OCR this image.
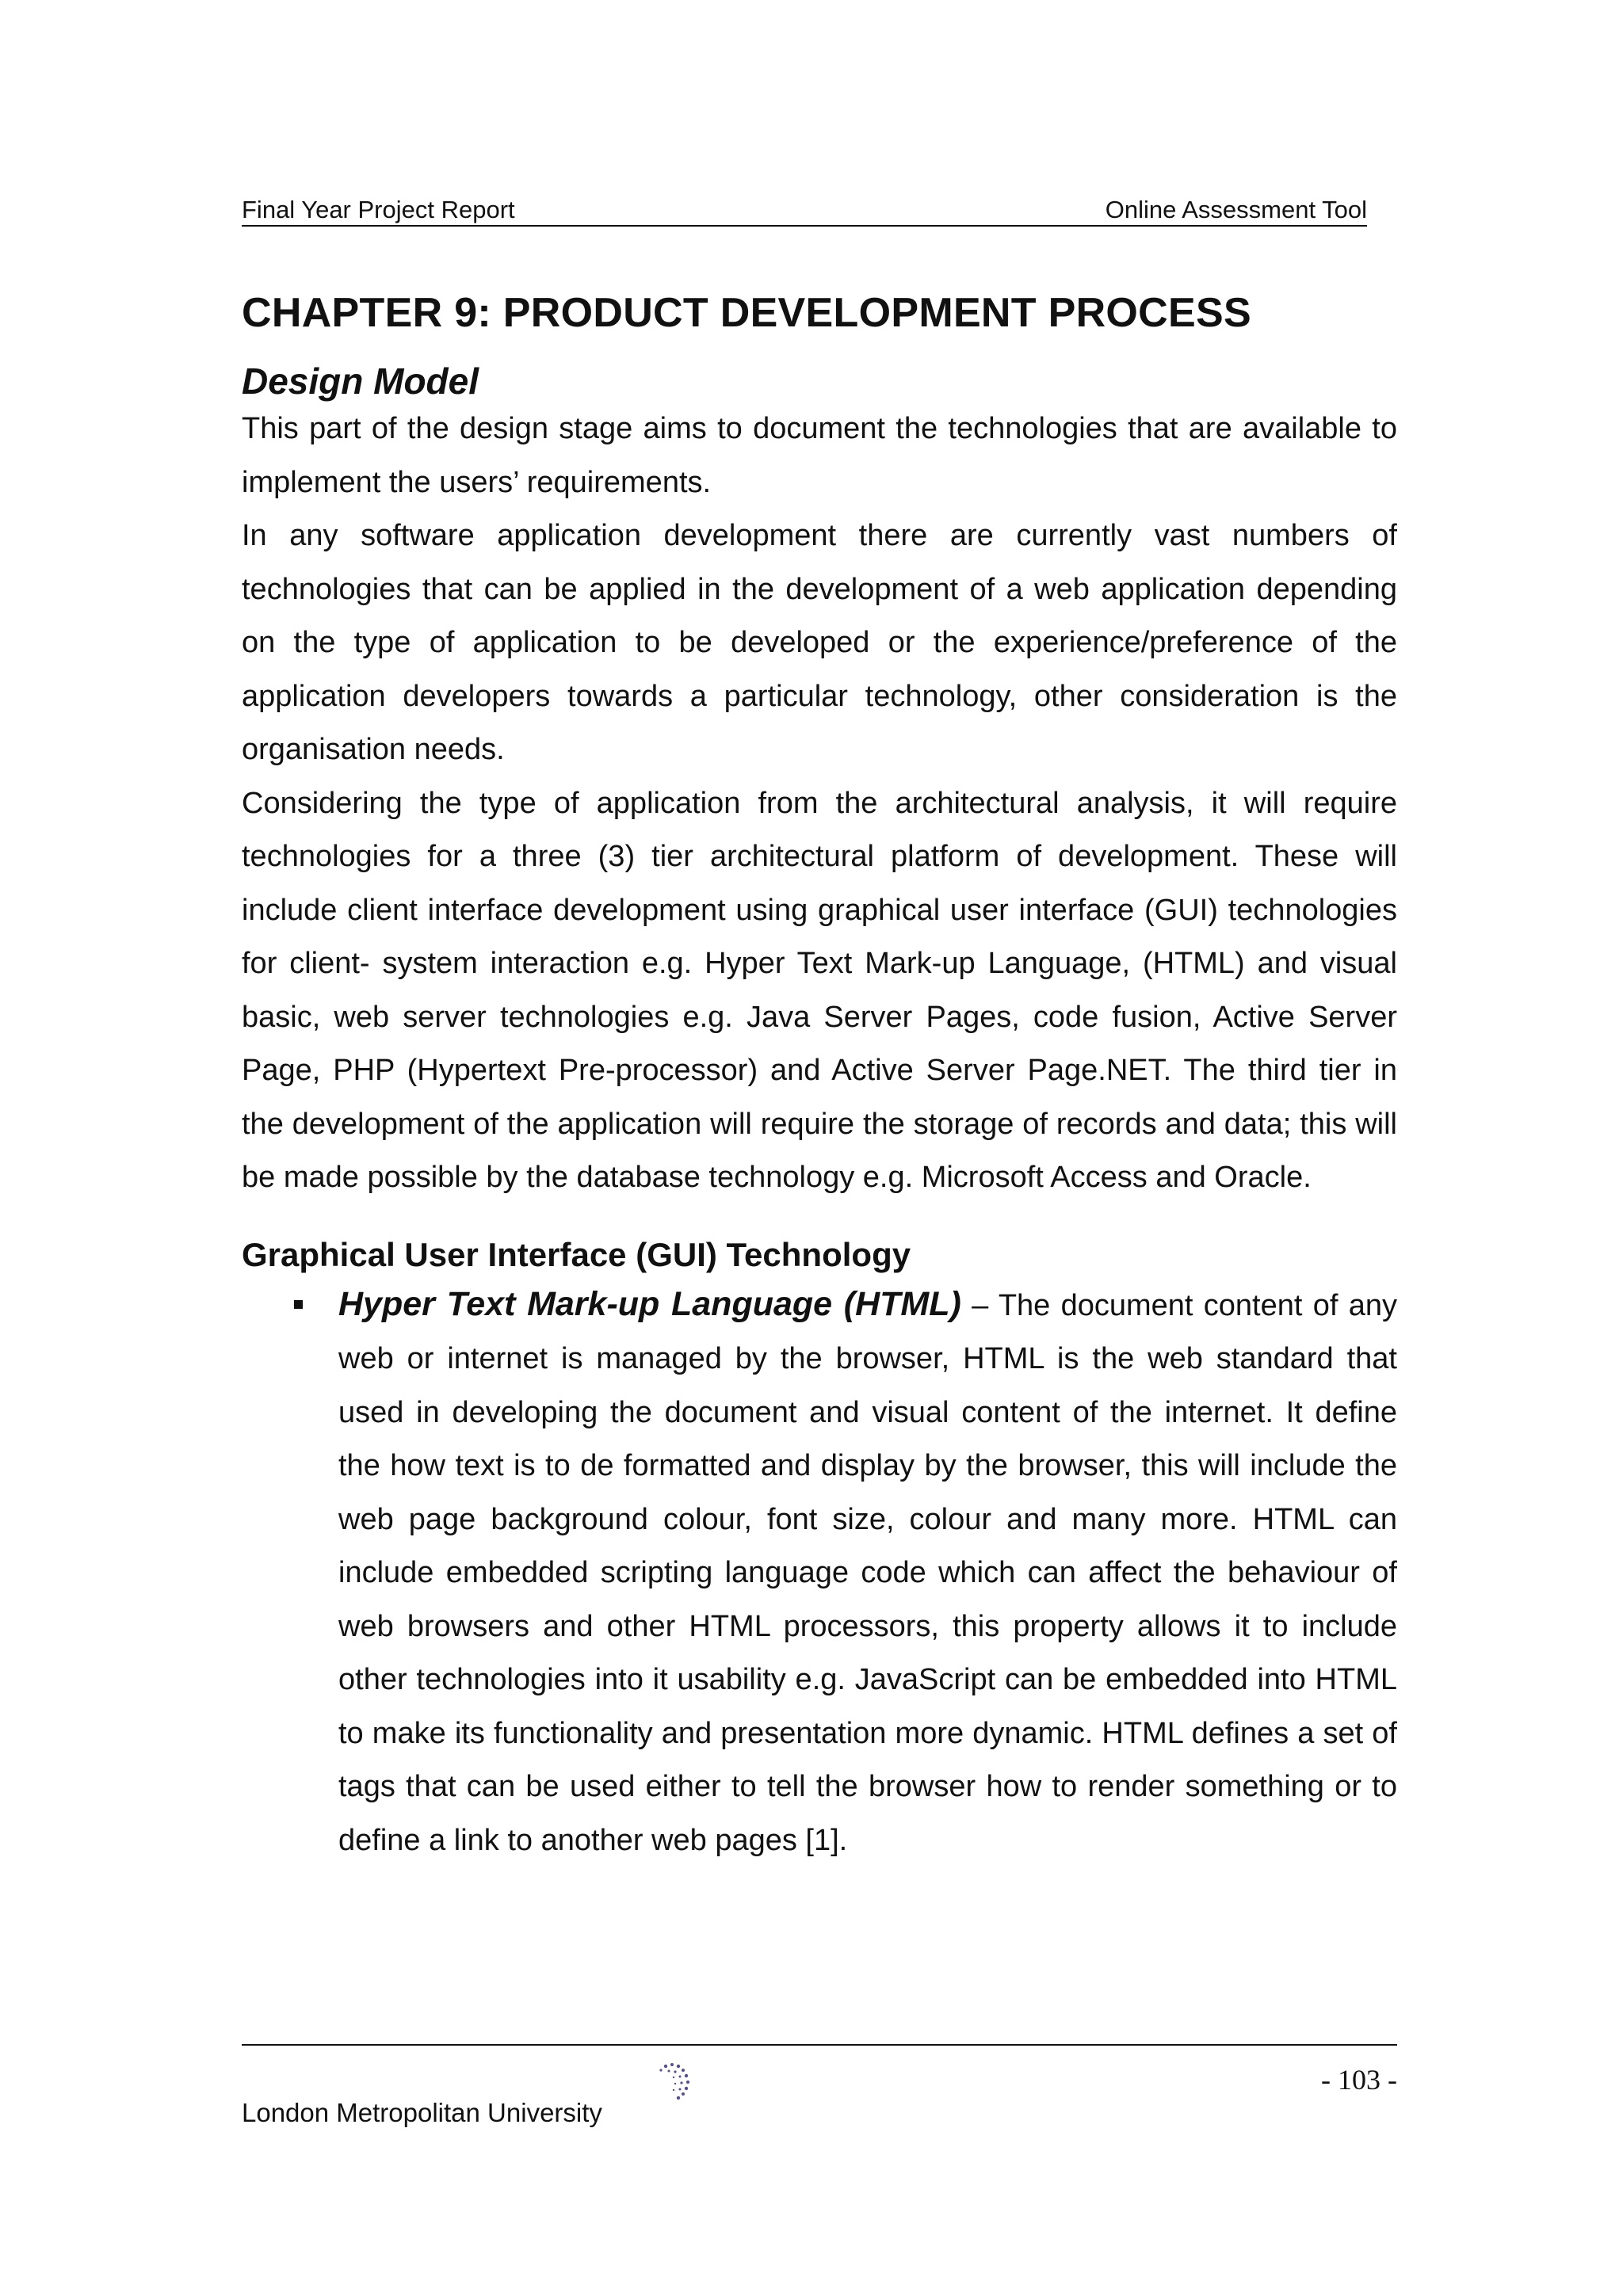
Final Year Project Report	Online Assessment Tool
CHAPTER 9: PRODUCT DEVELOPMENT PROCESS
Design Model

This part of the design stage aims to document the technologies that are available to implement the users’ requirements.

In any software application development there are currently vast numbers of technologies that can be applied in the development of a web application depending on the type of application to be developed or the experience/preference of the application developers towards a particular technology, other consideration is the organisation needs.

Considering the type of application from the architectural analysis, it will require technologies for a three (3) tier architectural platform of development. These will include client interface development using graphical user interface (GUI) technologies for client- system interaction e.g. Hyper Text Mark-up Language, (HTML) and visual basic, web server technologies e.g. Java Server Pages, code fusion, Active Server Page, PHP (Hypertext Pre-processor) and Active Server Page.NET. The third tier in the development of the application will require the storage of records and data; this will be made possible by the database technology e.g. Microsoft Access and Oracle.

Graphical User Interface (GUI) Technology

Hyper Text Mark-up Language (HTML) – The document content of any web or internet is managed by the browser, HTML is the web standard that used in developing the document and visual content of the internet. It define the how text is to de formatted and display by the browser, this will include the web page background colour, font size, colour and many more. HTML can include embedded scripting language code which can affect the behaviour of web browsers and other HTML processors, this property allows it to include other technologies into it usability e.g. JavaScript can be embedded into HTML to make its functionality and presentation more dynamic. HTML defines a set of tags that can be used either to tell the browser how to render something or to define a link to another web pages [1].

- 103 -
London Metropolitan University
